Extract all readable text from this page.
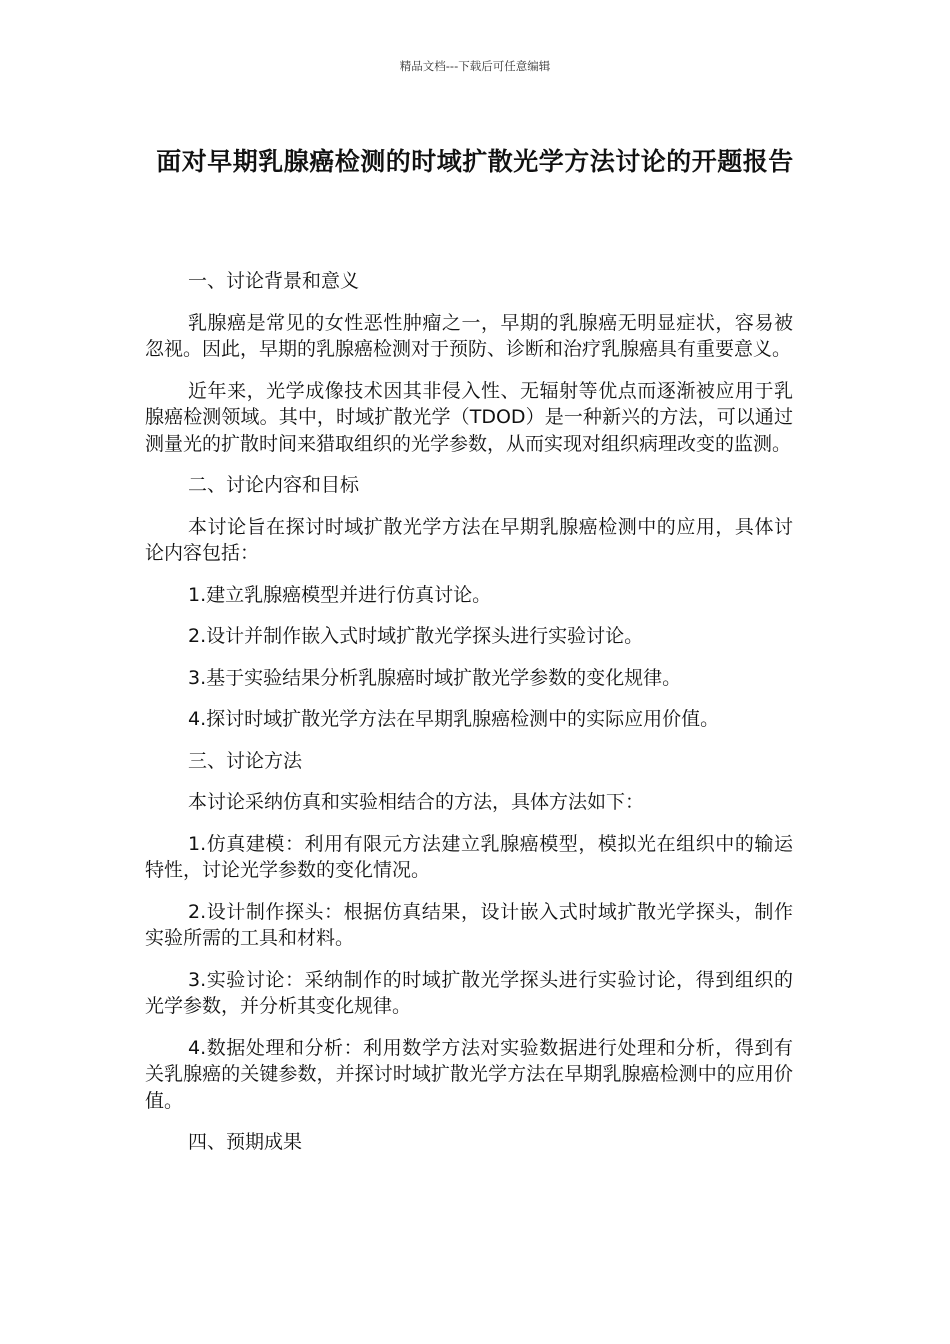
精品文档---下载后可任意编辑
面对早期乳腺癌检测的时域扩散光学方法讨论的开题报告

一、讨论背景和意义

乳腺癌是常见的女性恶性肿瘤之一，早期的乳腺癌无明显症状，容易被忽视。因此，早期的乳腺癌检测对于预防、诊断和治疗乳腺癌具有重要意义。

近年来，光学成像技术因其非侵入性、无辐射等优点而逐渐被应用于乳腺癌检测领域。其中，时域扩散光学（TDOD）是一种新兴的方法，可以通过测量光的扩散时间来猎取组织的光学参数，从而实现对组织病理改变的监测。

二、讨论内容和目标

本讨论旨在探讨时域扩散光学方法在早期乳腺癌检测中的应用，具体讨论内容包括：

1.建立乳腺癌模型并进行仿真讨论。

2.设计并制作嵌入式时域扩散光学探头进行实验讨论。

3.基于实验结果分析乳腺癌时域扩散光学参数的变化规律。

4.探讨时域扩散光学方法在早期乳腺癌检测中的实际应用价值。

三、讨论方法

本讨论采纳仿真和实验相结合的方法，具体方法如下：

1.仿真建模：利用有限元方法建立乳腺癌模型，模拟光在组织中的输运特性，讨论光学参数的变化情况。

2.设计制作探头：根据仿真结果，设计嵌入式时域扩散光学探头，制作实验所需的工具和材料。

3.实验讨论：采纳制作的时域扩散光学探头进行实验讨论，得到组织的光学参数，并分析其变化规律。

4.数据处理和分析：利用数学方法对实验数据进行处理和分析，得到有关乳腺癌的关键参数，并探讨时域扩散光学方法在早期乳腺癌检测中的应用价值。

四、预期成果
